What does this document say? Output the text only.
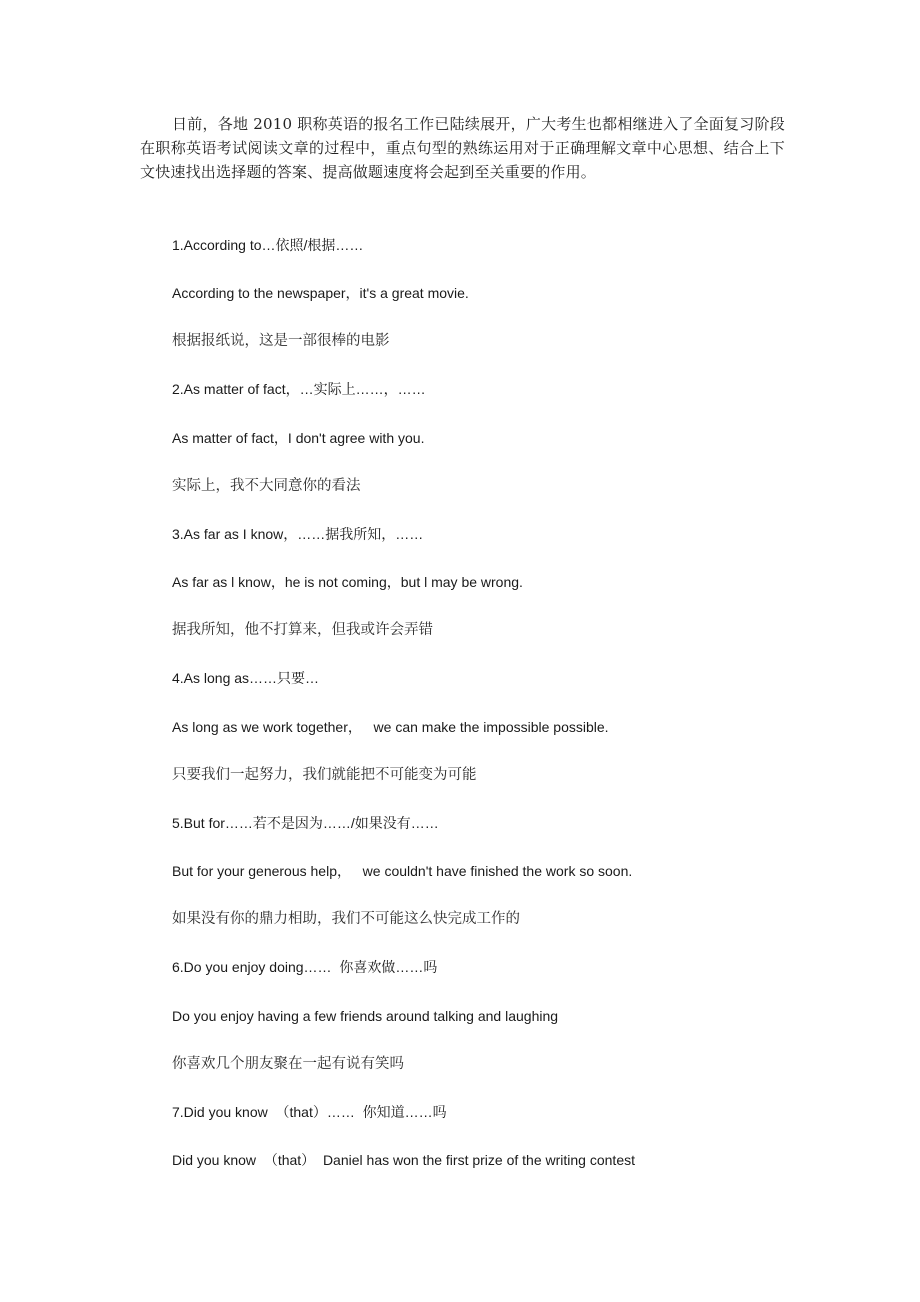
日前，各地 2010 职称英语的报名工作已陆续展开，广大考生也都相继进入了全面复习阶段在职称英语考试阅读文章的过程中，重点句型的熟练运用对于正确理解文章中心思想、结合上下文快速找出选择题的答案、提高做题速度将会起到至关重要的作用。

1.According to…依照/根据……

According to the newspaper，it's a great movie.

根据报纸说，这是一部很棒的电影

2.As matter of fact，…实际上……，……

As matter of fact，I don't agree with you.

实际上，我不大同意你的看法

3.As far as I know，……据我所知，……

As far as l know，he is not coming，but l may be wrong.

据我所知，他不打算来，但我或许会弄错

4.As long as……只要…

As long as we work together，   we can make the impossible possible.

只要我们一起努力，我们就能把不可能变为可能

5.But for……若不是因为……/如果没有……

But for your generous help，   we couldn't have finished the work so soon.

如果没有你的鼎力相助，我们不可能这么快完成工作的

6.Do you enjoy doing……  你喜欢做……吗

Do you enjoy having a few friends around talking and laughing

你喜欢几个朋友聚在一起有说有笑吗

7.Did you know  （that）……  你知道……吗

Did you know  （that）  Daniel has won the first prize of the writing contest
